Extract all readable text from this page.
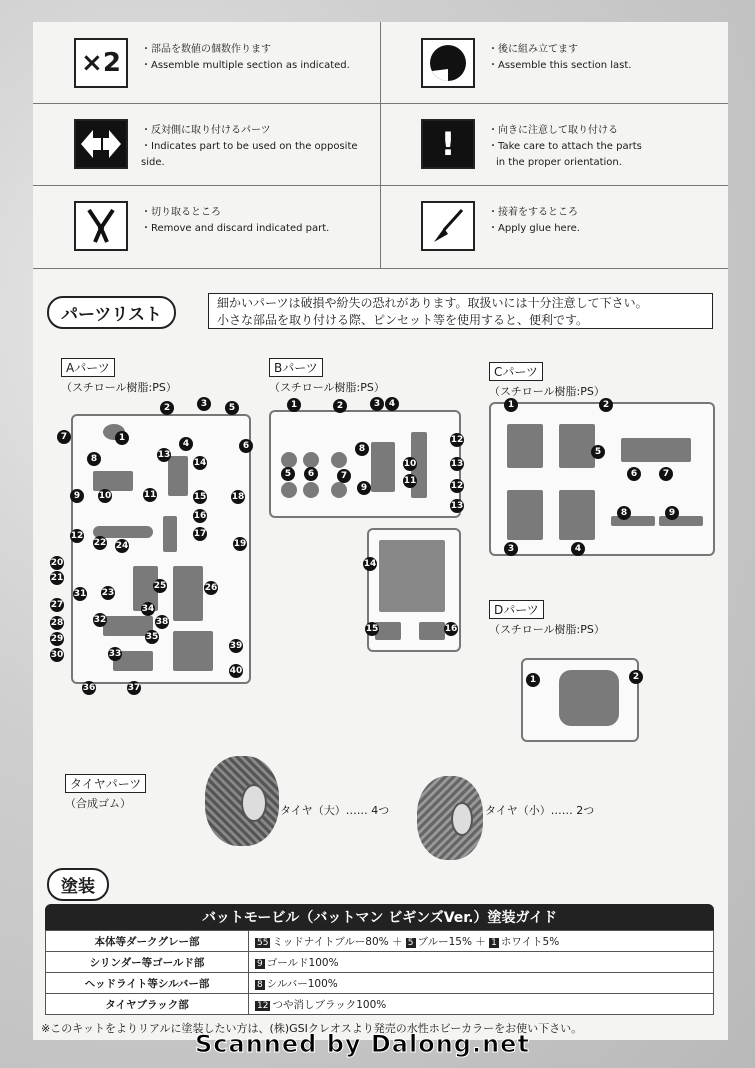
×2 ・部品を数値の個数作ります
・Assemble multiple section as indicated.
・後に組み立てます
・Assemble this section last.
・反対側に取り付けるパーツ
・Indicates part to be used on the opposite side.	!	・向きに注意して取り付ける
・Take care to attach the parts
in the proper orientation.
・切り取るところ
・Remove and discard indicated part.
・接着をするところ
・Apply glue here.
パーツリスト
細かいパーツは破損や紛失の恐れがあります。取扱いには十分注意して下さい。
小さな部品を取り付ける際、ピンセット等を使用すると、便利です。
Aパーツ
（スチロール樹脂:PS）
Bパーツ
（スチロール樹脂:PS）
Cパーツ
（スチロール樹脂:PS）
Dパーツ
（スチロール樹脂:PS）
タイヤパーツ
（合成ゴム）
タイヤ（大）…… 4つ	タイヤ（小）…… 2つ
塗装
バットモービル（バットマン ビギンズVer.）塗装ガイド
本体等ダークグレー部	55 ミッドナイトブルー80% ＋ 5 ブルー15% ＋ 1 ホワイト5%
シリンダー等ゴールド部	9 ゴールド100%
ヘッドライト等シルバー部	8 シルバー100%
タイヤブラック部	12 つや消しブラック100%
※このキットをよりリアルに塗装したい方は、(株)GSIクレオスより発売の水性ホビーカラーをお使い下さい。
2	3	5
1
4	6
7
8	13
14
9	10	11	15	18
16
12
22 24
17
19
20
21
31 23
25	26
27
28
29
32
34
38
30	33
35
39
40
36	37
1	2	3 4
12
13
5	6	7
8
9
10
11	12
13
14
15	16
1	2
5
6	7
8	9
3	4
1	2
Scanned by Dalong.net
